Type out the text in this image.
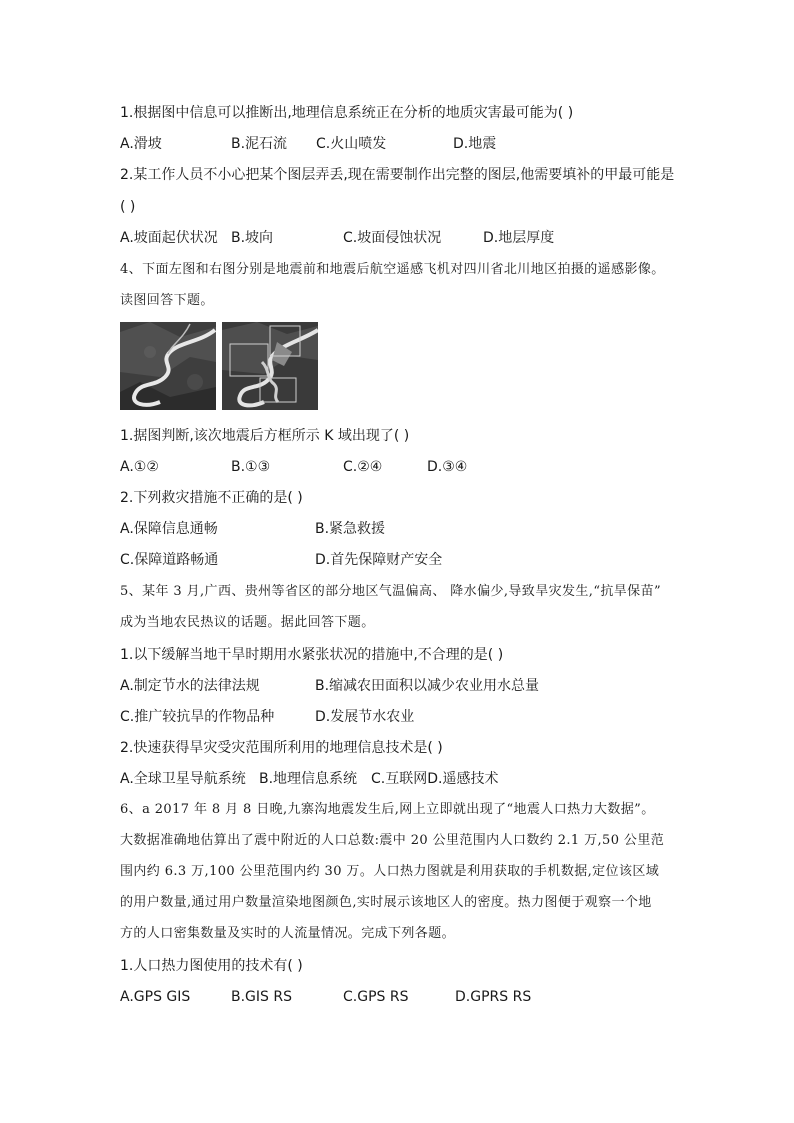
1.根据图中信息可以推断出,地理信息系统正在分析的地质灾害最可能为( )
A.滑坡	B.泥石流 C.火山喷发	D.地震
2.某工作人员不小心把某个图层弄丢,现在需要制作出完整的图层,他需要填补的甲最可能是
( )
A.坡面起伏状况 B.坡向	C.坡面侵蚀状况	D.地层厚度
4、下面左图和右图分别是地震前和地震后航空遥感飞机对四川省北川地区拍摄的遥感影像。
读图回答下题。
1.据图判断,该次地震后方框所示 K 域出现了( )
A.①②	B.①③	C.②④	D.③④
2.下列救灾措施不正确的是( )
A.保障信息通畅	B.紧急救援
C.保障道路畅通	D.首先保障财产安全
5、某年 3 月,广西、贵州等省区的部分地区气温偏高、 降水偏少,导致旱灾发生,“抗旱保苗”
成为当地农民热议的话题。据此回答下题。
1.以下缓解当地干旱时期用水紧张状况的措施中,不合理的是( )
A.制定节水的法律法规	B.缩减农田面积以减少农业用水总量
C.推广较抗旱的作物品种	D.发展节水农业
2.快速获得旱灾受灾范围所利用的地理信息技术是( )
A.全球卫星导航系统 B.地理信息系统 C.互联网D.遥感技术
6、a 2017 年 8 月 8 日晚,九寨沟地震发生后,网上立即就出现了“地震人口热力大数据”。
大数据准确地估算出了震中附近的人口总数:震中 20 公里范围内人口数约 2.1 万,50 公里范
围内约 6.3 万,100 公里范围内约 30 万。人口热力图就是利用获取的手机数据,定位该区域
的用户数量,通过用户数量渲染地图颜色,实时展示该地区人的密度。热力图便于观察一个地
方的人口密集数量及实时的人流量情况。完成下列各题。
1.人口热力图使用的技术有( )
A.GPS GIS	B.GIS RS	C.GPS RS	D.GPRS RS
